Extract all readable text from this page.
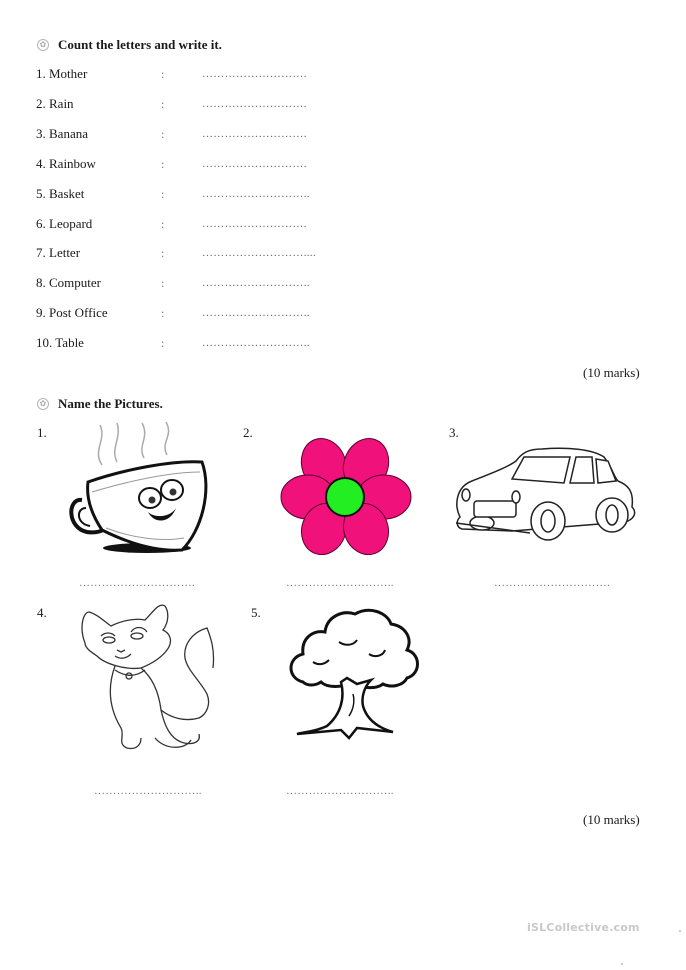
✿ Count the letters and write it.
1. Mother	:	……………………….
2. Rain	:	……………………….
3. Banana	:	……………………….
4. Rainbow	:	……………………….
5. Basket	:	………………………..
6. Leopard	:	……………………….
7. Letter	:	………………………....
8. Computer	:	………………………..
9. Post Office	:	………………………..
10. Table	:	………………………..
(10 marks)
✿ Name the Pictures.
1.
………………………….
2.
………………………..
3.
………………………….
4.
………………………..
5.
………………………..
(10 marks)
iSLCollective.com
